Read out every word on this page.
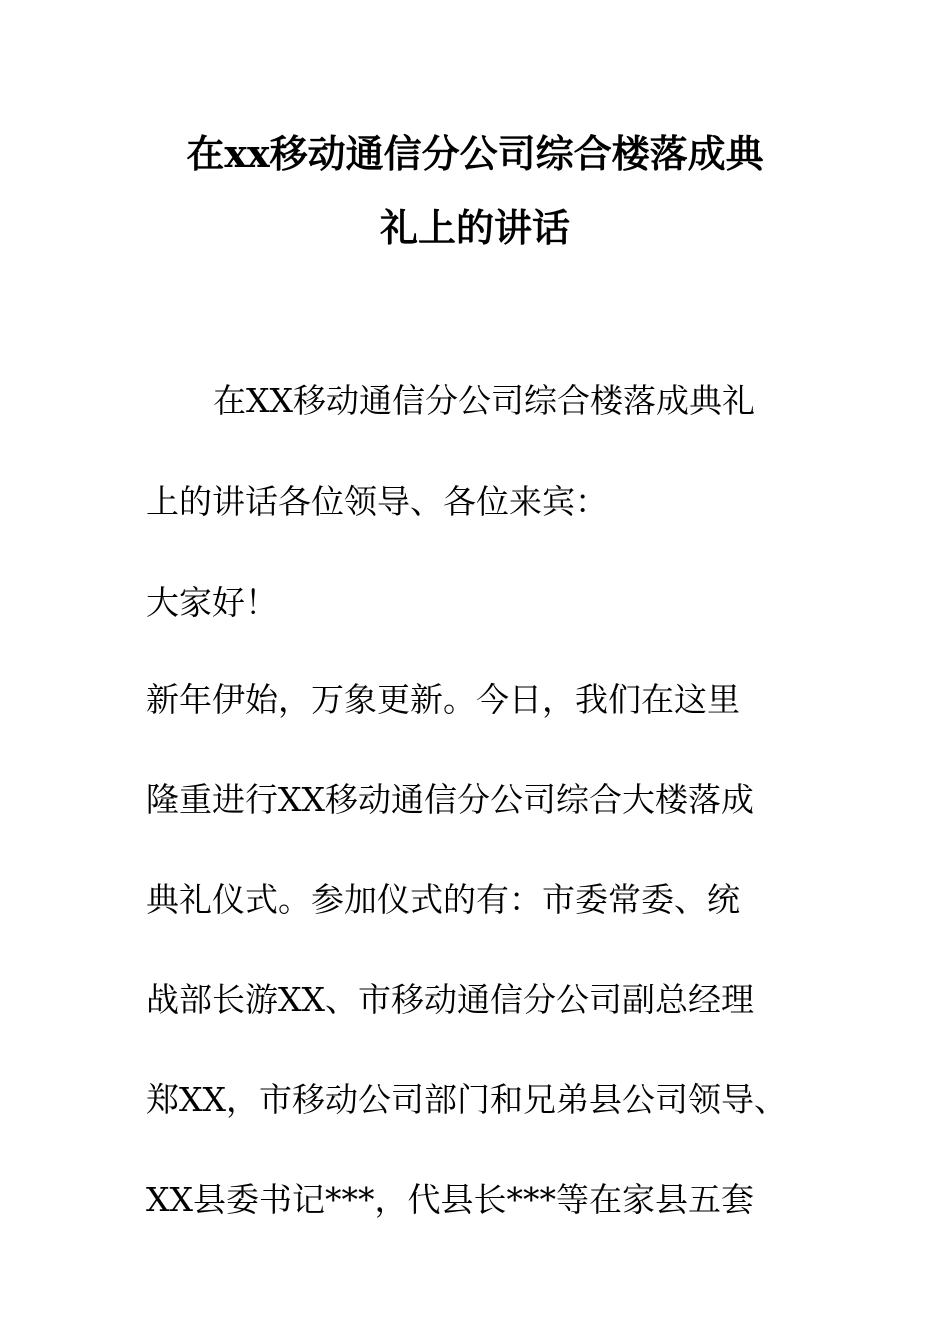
在xx移动通信分公司综合楼落成典
礼上的讲话
在XX移动通信分公司综合楼落成典礼
上的讲话各位领导、各位来宾：
大家好！
新年伊始，万象更新。今日，我们在这里
隆重进行XX移动通信分公司综合大楼落成
典礼仪式。参加仪式的有：市委常委、统
战部长游XX、市移动通信分公司副总经理
郑XX，市移动公司部门和兄弟县公司领导、
XX县委书记***，代县长***等在家县五套
